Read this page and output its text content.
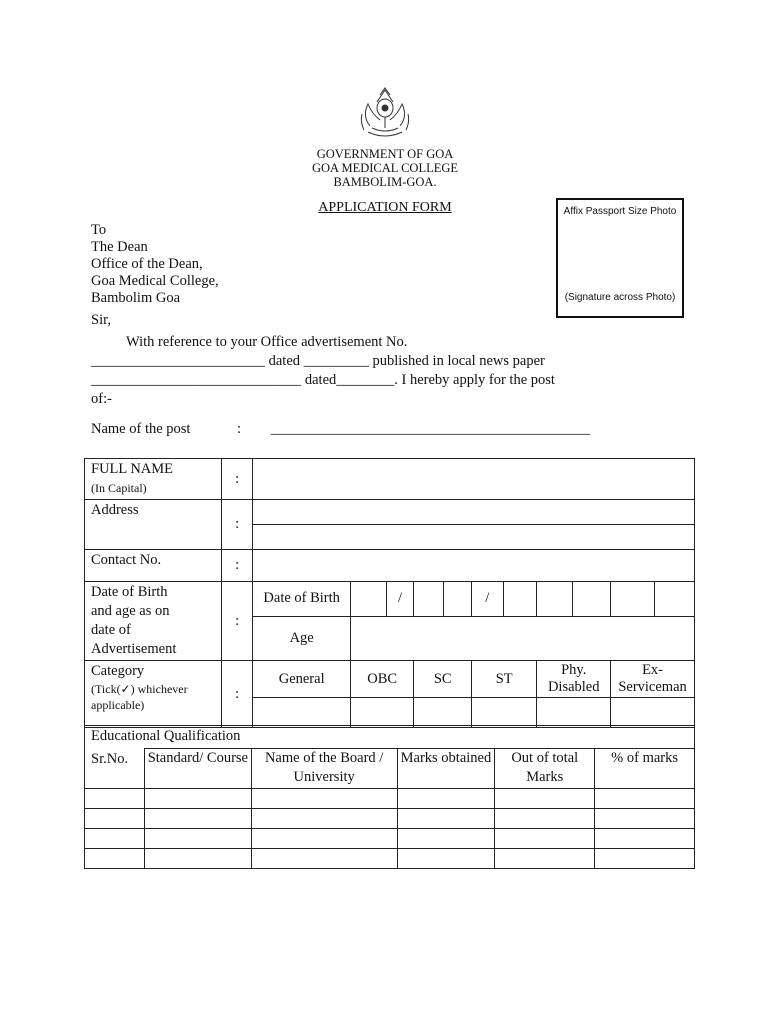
GOVERNMENT OF GOA
GOA MEDICAL COLLEGE
BAMBOLIM-GOA.
APPLICATION FORM	Affix Passport Size Photo
(Signature across Photo)
To
The Dean
Office of the Dean,
Goa Medical College,
Bambolim Goa
Sir,
With reference to your Office advertisement No.
________________________ dated _________ published in local news paper
_____________________________ dated________. I hereby apply for the post
of:-
Name of the post	: ____________________________________________
FULL NAME
(In Capital)	:											
Address	:											

Contact No.	:											
Date of Birth and age as on date of Advertisement	:	Date of Birth		/			/					
		Age										

Category
(Tick(✓) whichever applicable)	:	General	OBC		SC		ST		Phy. Disabled		Ex- Serviceman	

Educational Qualification					
Sr.No.	Standard/ Course	Name of the Board / University	Marks obtained	Out of total Marks	% of marks
